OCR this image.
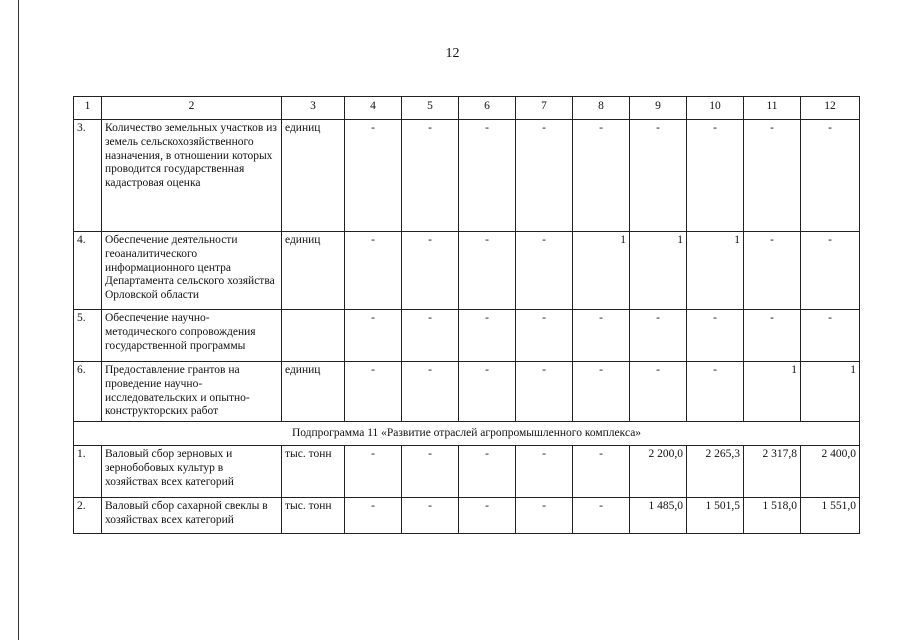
12
1	2	3	4	5	6	7	8	9	10	11	12
3.	Количество земельных участков из земель сельскохозяйственного назначения, в отношении которых проводится государственная кадастровая оценка	единиц	-	-	-	-	-	-	-	-	-
4.	Обеспечение деятельности геоаналитического информационного центра Департамента сельского хозяйства Орловской области	единиц	-	-	-	-	1	1	1	-	-
5.	Обеспечение научно-методического сопровождения государственной программы		-	-	-	-	-	-	-	-	-
6.	Предоставление грантов на проведение научно-исследовательских и опытно-конструкторских работ	единиц	-	-	-	-	-	-	-	1	1
Подпрограмма 11 «Развитие отраслей агропромышленного комплекса»											
1.	Валовый сбор зерновых и зернобобовых культур в хозяйствах всех категорий	тыс. тонн	-	-	-	-	-	2 200,0	2 265,3	2 317,8	2 400,0
2.	Валовый сбор сахарной свеклы в хозяйствах всех категорий	тыс. тонн	-	-	-	-	-	1 485,0	1 501,5	1 518,0	1 551,0
